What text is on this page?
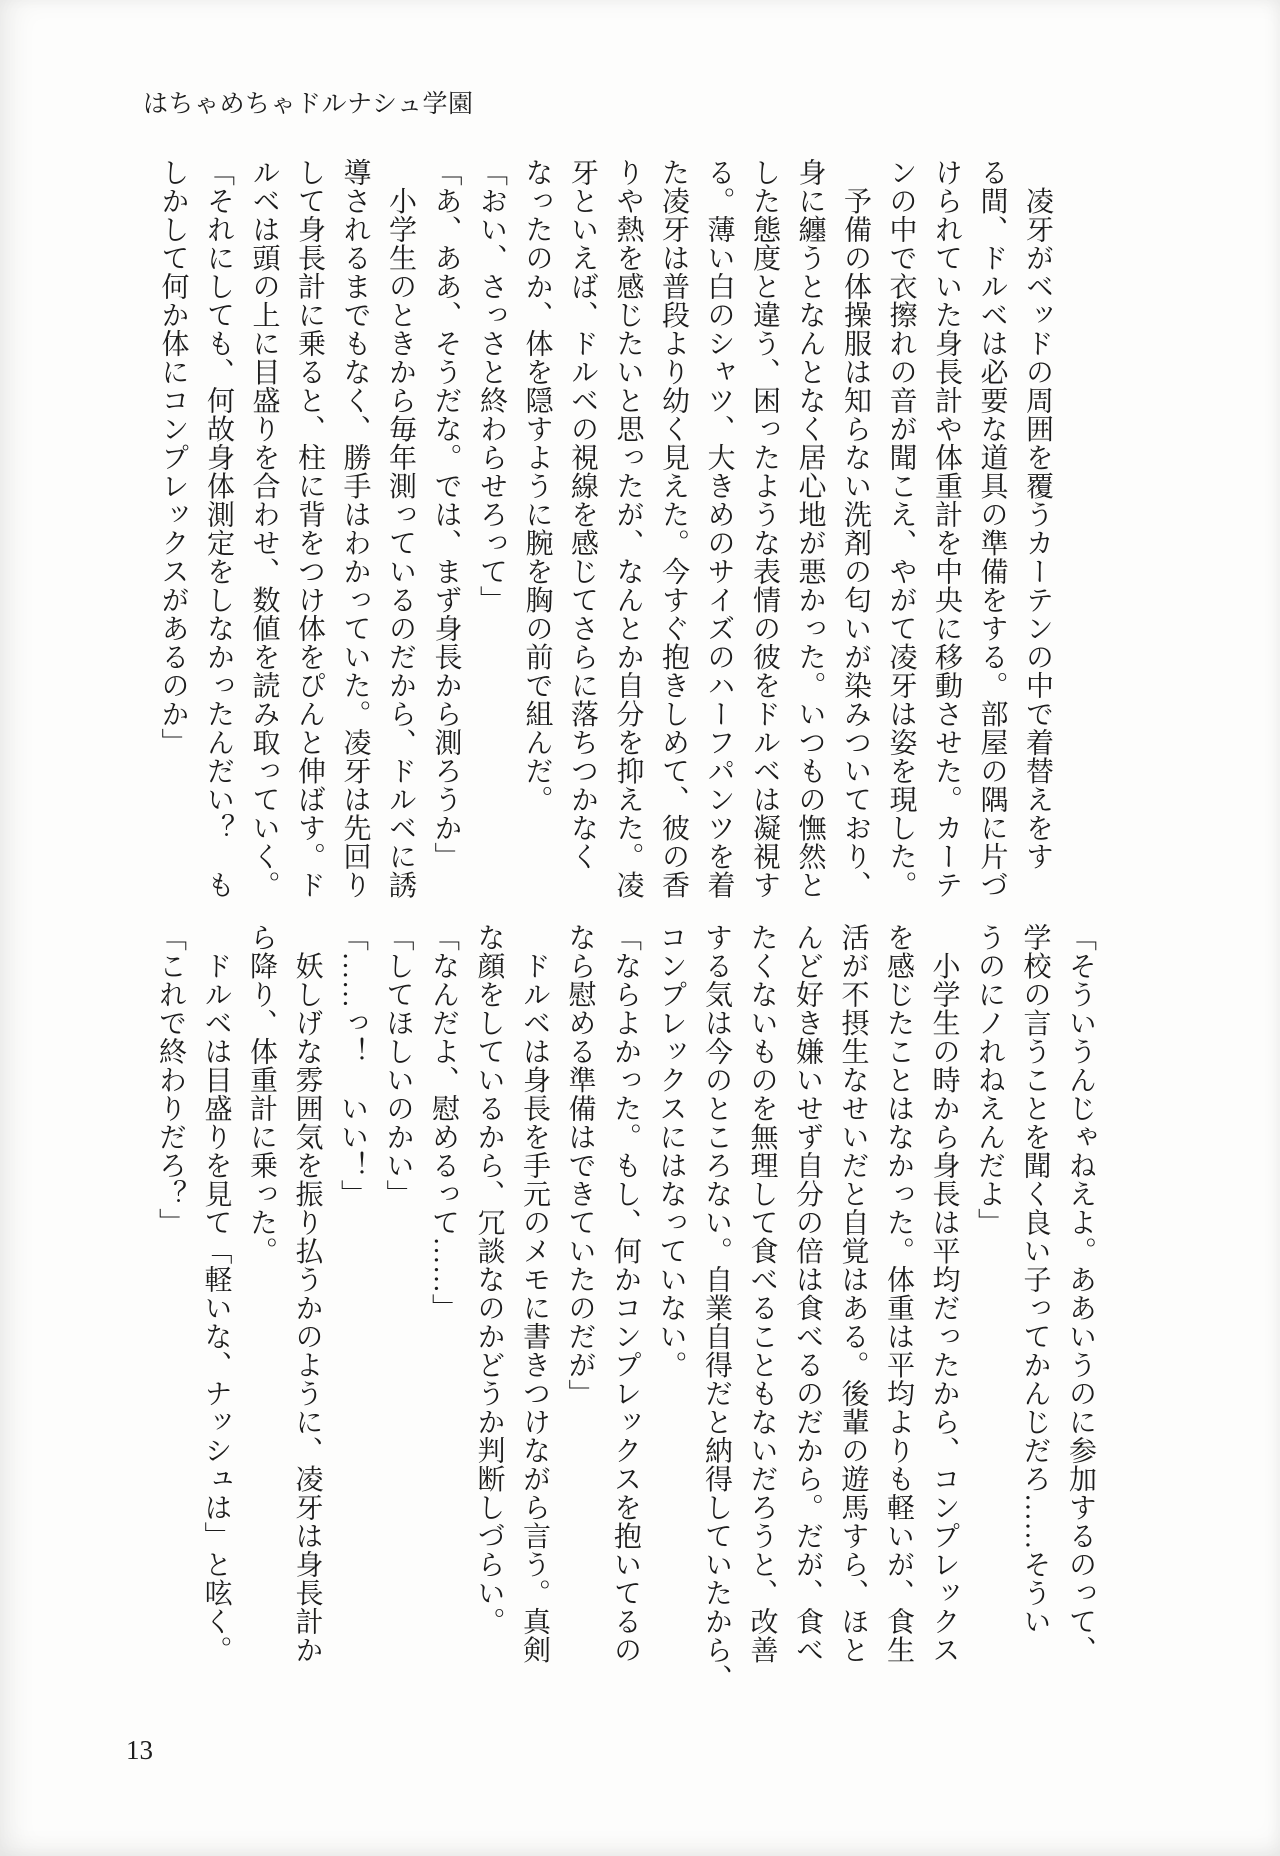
はちゃめちゃドルナシュ学園
　凌牙がベッドの周囲を覆うカーテンの中で着替えをす
る間、ドルベは必要な道具の準備をする。部屋の隅に片づ
けられていた身長計や体重計を中央に移動させた。カーテ
ンの中で衣擦れの音が聞こえ、やがて凌牙は姿を現した。
　予備の体操服は知らない洗剤の匂いが染みついており、
身に纏うとなんとなく居心地が悪かった。いつもの憮然と
した態度と違う、困ったような表情の彼をドルベは凝視す
る。薄い白のシャツ、大きめのサイズのハーフパンツを着
た凌牙は普段より幼く見えた。今すぐ抱きしめて、彼の香
りや熱を感じたいと思ったが、なんとか自分を抑えた。凌
牙といえば、ドルベの視線を感じてさらに落ちつかなく
なったのか、体を隠すように腕を胸の前で組んだ。
「おい、さっさと終わらせろって」
「あ、ああ、そうだな。では、まず身長から測ろうか」
　小学生のときから毎年測っているのだから、ドルベに誘
導されるまでもなく、勝手はわかっていた。凌牙は先回り
して身長計に乗ると、柱に背をつけ体をぴんと伸ばす。ド
ルベは頭の上に目盛りを合わせ、数値を読み取っていく。
「それにしても、何故身体測定をしなかったんだい？　も
しかして何か体にコンプレックスがあるのか」
「そういうんじゃねえよ。ああいうのに参加するのって、
学校の言うことを聞く良い子ってかんじだろ……そうい
うのにノれねえんだよ」
　小学生の時から身長は平均だったから、コンプレックス
を感じたことはなかった。体重は平均よりも軽いが、食生
活が不摂生なせいだと自覚はある。後輩の遊馬すら、ほと
んど好き嫌いせず自分の倍は食べるのだから。だが、食べ
たくないものを無理して食べることもないだろうと、改善
する気は今のところない。自業自得だと納得していたから、
コンプレックスにはなっていない。
「ならよかった。もし、何かコンプレックスを抱いてるの
なら慰める準備はできていたのだが」
　ドルベは身長を手元のメモに書きつけながら言う。真剣
な顔をしているから、冗談なのかどうか判断しづらい。
「なんだよ、慰めるって……」
「してほしいのかい」
「……っ！　いい！」
　妖しげな雰囲気を振り払うかのように、凌牙は身長計か
ら降り、体重計に乗った。
　ドルベは目盛りを見て「軽いな、ナッシュは」と呟く。
「これで終わりだろ？」
13
